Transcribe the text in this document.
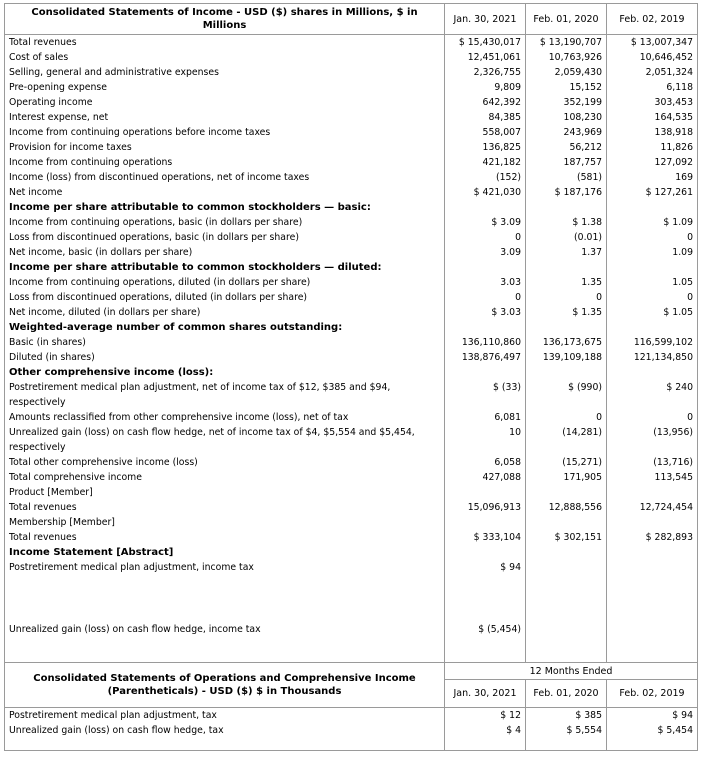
Consolidated Statements of Income - USD ($) shares in Millions, $ in Millions	Jan. 30, 2021	Feb. 01, 2020	Feb. 02, 2019
Total revenues	$ 15,430,017	$ 13,190,707	$ 13,007,347
Cost of sales	12,451,061	10,763,926	10,646,452
Selling, general and administrative expenses	2,326,755	2,059,430	2,051,324
Pre-opening expense	9,809	15,152	6,118
Operating income	642,392	352,199	303,453
Interest expense, net	84,385	108,230	164,535
Income from continuing operations before income taxes	558,007	243,969	138,918
Provision for income taxes	136,825	56,212	11,826
Income from continuing operations	421,182	187,757	127,092
Income (loss) from discontinued operations, net of income taxes	(152)	(581)	169
Net income	$ 421,030	$ 187,176	$ 127,261
Income per share attributable to common stockholders — basic:			
Income from continuing operations, basic (in dollars per share)	$ 3.09	$ 1.38	$ 1.09
Loss from discontinued operations, basic (in dollars per share)	0	(0.01)	0
Net income, basic (in dollars per share)	3.09	1.37	1.09
Income per share attributable to common stockholders — diluted:			
Income from continuing operations, diluted (in dollars per share)	3.03	1.35	1.05
Loss from discontinued operations, diluted (in dollars per share)	0	0	0
Net income, diluted (in dollars per share)	$ 3.03	$ 1.35	$ 1.05
Weighted-average number of common shares outstanding:			
Basic (in shares)	136,110,860	136,173,675	116,599,102
Diluted (in shares)	138,876,497	139,109,188	121,134,850
Other comprehensive income (loss):			
Postretirement medical plan adjustment, net of income tax of $12, $385 and $94, respectively	$ (33)	$ (990)	$ 240
Amounts reclassified from other comprehensive income (loss), net of tax	6,081	0	0
Unrealized gain (loss) on cash flow hedge, net of income tax of $4, $5,554 and $5,454, respectively	10	(14,281)	(13,956)
Total other comprehensive income (loss)	6,058	(15,271)	(13,716)
Total comprehensive income	427,088	171,905	113,545
Product [Member]			
Total revenues	15,096,913	12,888,556	12,724,454
Membership [Member]			
Total revenues	$ 333,104	$ 302,151	$ 282,893
Income Statement [Abstract]			
Postretirement medical plan adjustment, income tax	$ 94		
Unrealized gain (loss) on cash flow hedge, income tax	$ (5,454)		
Consolidated Statements of Operations and Comprehensive Income (Parentheticals) - USD ($) $ in Thousands	12 Months Ended		
	Jan. 30, 2021	Feb. 01, 2020	Feb. 02, 2019
Postretirement medical plan adjustment, tax	$ 12	$ 385	$ 94
Unrealized gain (loss) on cash flow hedge, tax	$ 4	$ 5,554	$ 5,454
